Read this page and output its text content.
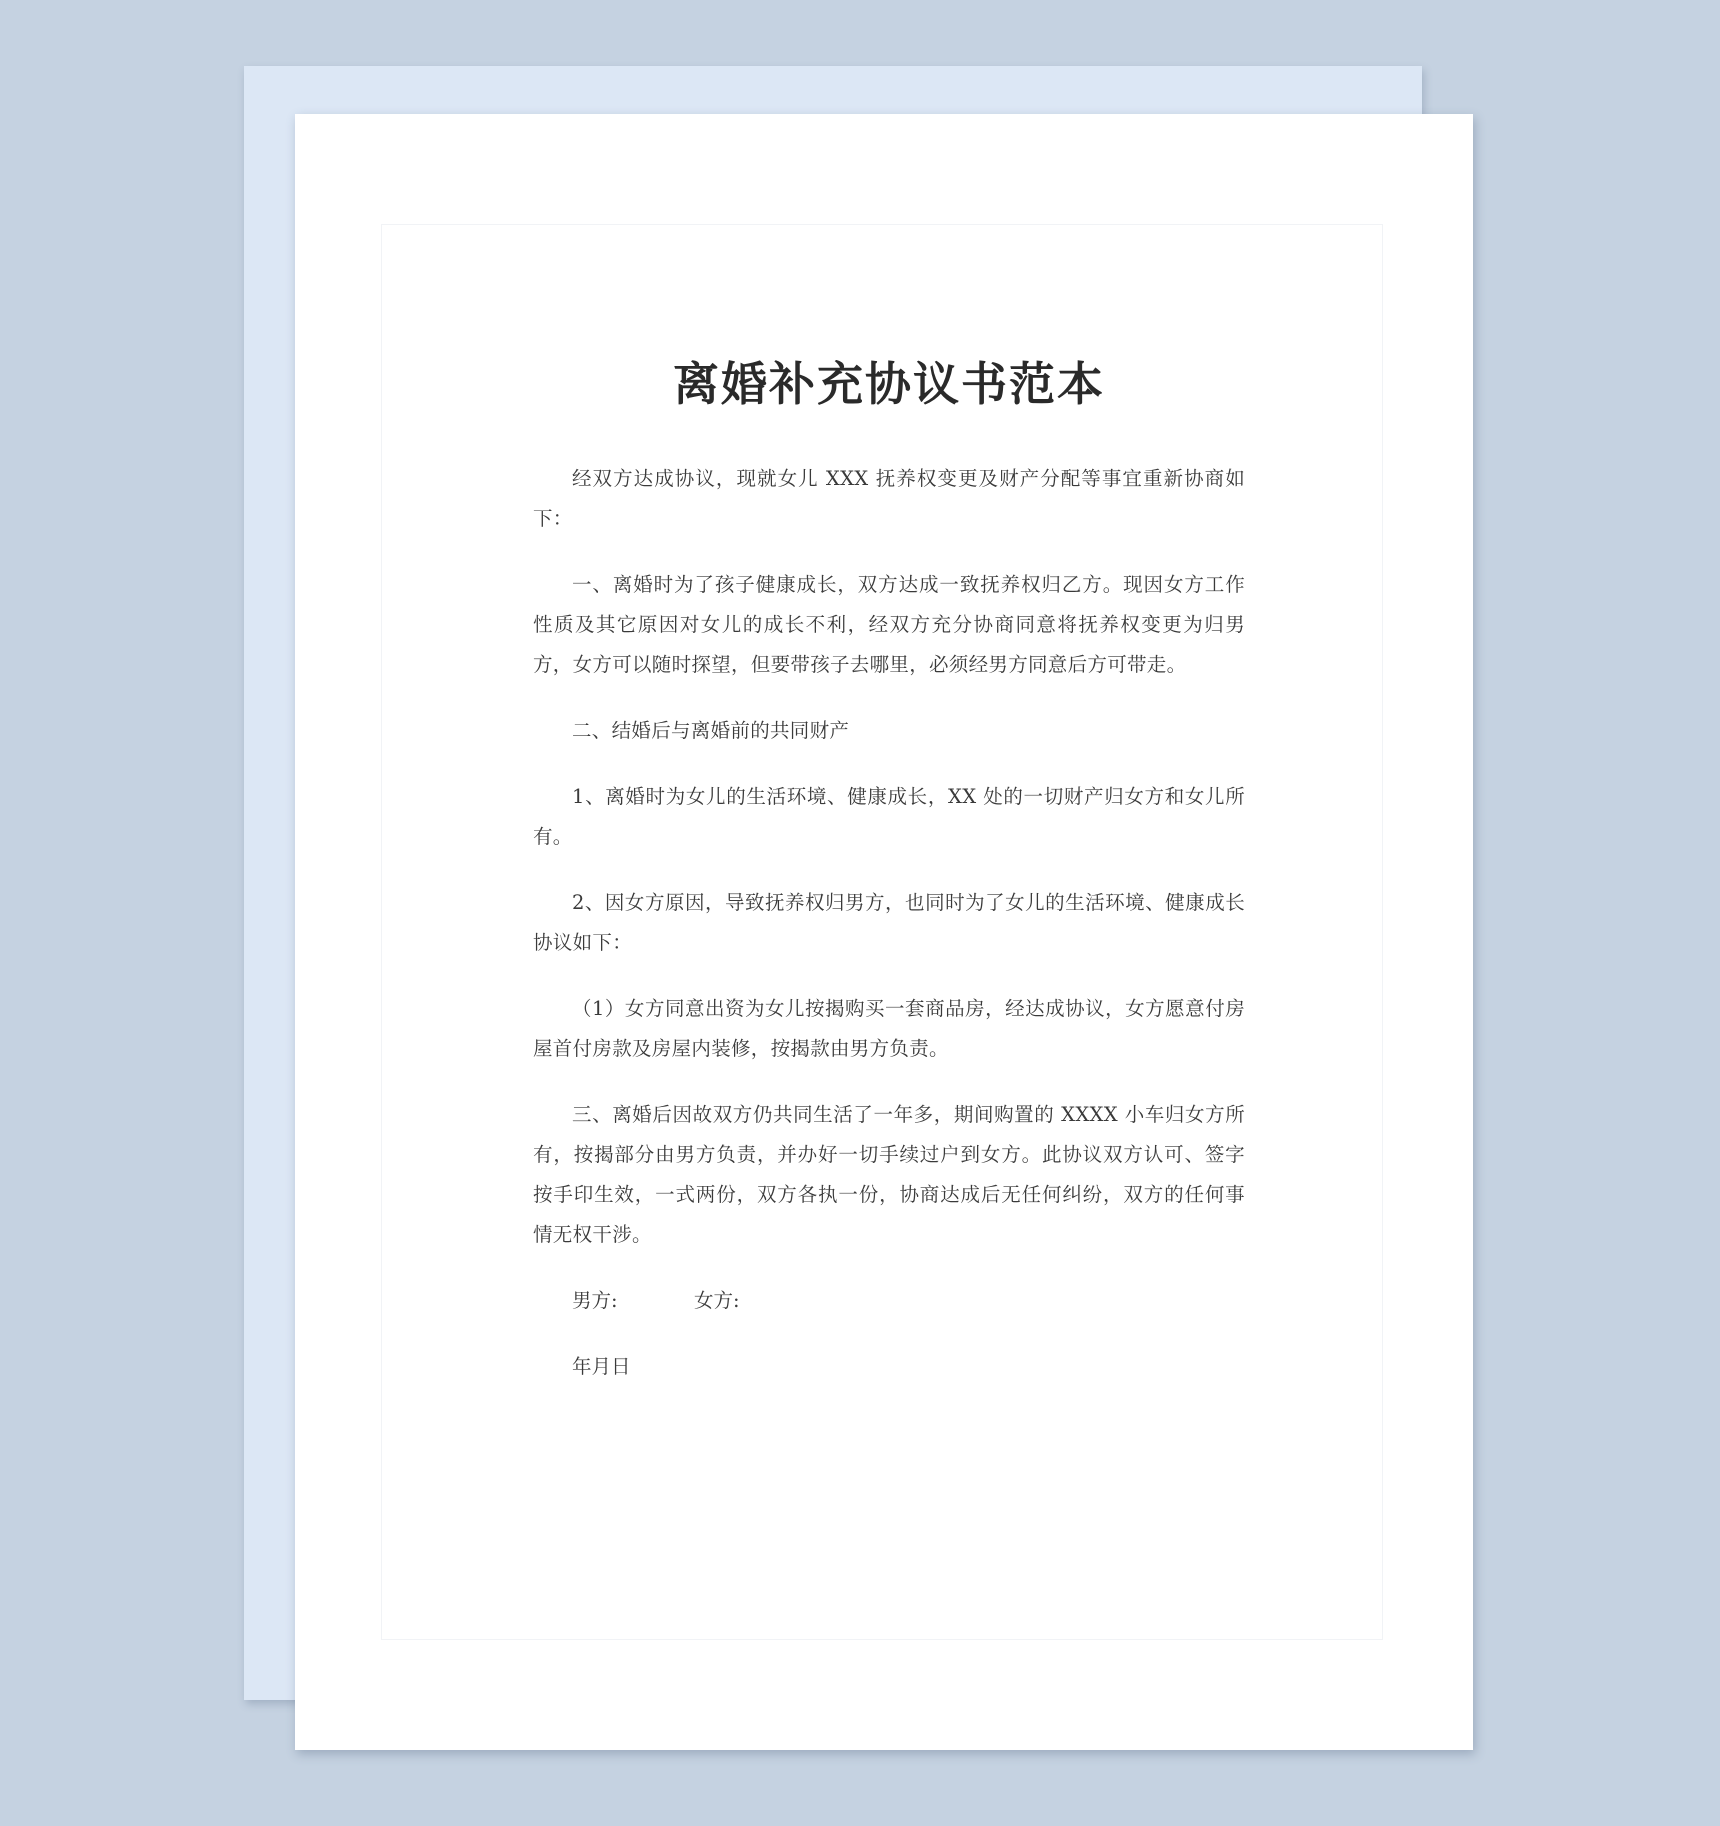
离婚补充协议书范本

经双方达成协议，现就女儿 XXX 抚养权变更及财产分配等事宜重新协商如下：

一、离婚时为了孩子健康成长，双方达成一致抚养权归乙方。现因女方工作性质及其它原因对女儿的成长不利，经双方充分协商同意将抚养权变更为归男方，女方可以随时探望，但要带孩子去哪里，必须经男方同意后方可带走。

二、结婚后与离婚前的共同财产

1、离婚时为女儿的生活环境、健康成长，XX 处的一切财产归女方和女儿所有。

2、因女方原因，导致抚养权归男方，也同时为了女儿的生活环境、健康成长协议如下：

（1）女方同意出资为女儿按揭购买一套商品房，经达成协议，女方愿意付房屋首付房款及房屋内装修，按揭款由男方负责。

三、离婚后因故双方仍共同生活了一年多，期间购置的 XXXX 小车归女方所有，按揭部分由男方负责，并办好一切手续过户到女方。此协议双方认可、签字按手印生效，一式两份，双方各执一份，协商达成后无任何纠纷，双方的任何事情无权干涉。

男方:	女方:
年月日
